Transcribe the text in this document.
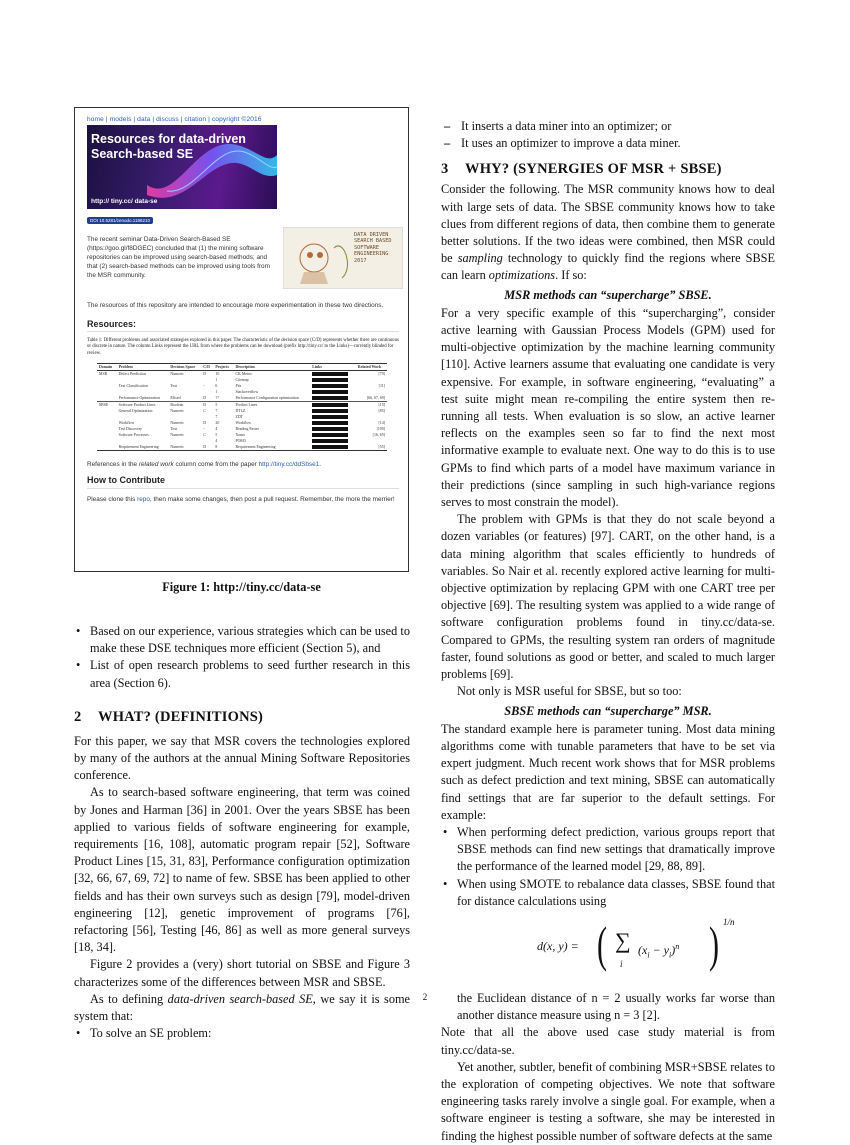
home | models | data | discuss | citation | copyright ©2016
Resources for data-driven
Search-based SE
http:// tiny.cc/ data-se
DOI 10.5281/zenodo.1186210
The recent seminar Data-Driven Search-Based SE (https://goo.gl/f8DGEC) concluded that (1) the mining software repositories can be improved using search-based methods; and that (2) search-based methods can be improved using tools from the MSR community.
DATA DRIVEN SEARCH BASED SOFTWARE ENGINEERING 2017
The resources of this repository are intended to encourage more experimentation in these two directions.
Resources:
Table 1: Different problems and associated strategies explored in this paper. The characteristic of the decision space (C/D) represents whether there are continuous or discrete in nature. The column Links represent the URL from where the problems can be download (prefix http://tiny.cc/ to the Links)—currently blinded for review.
Domain	Problem	Decision Space	C/D	Projects	Description	Links	Related Work
MSR	Defect Prediction	Numeric	D	10	CK Metric		[79]
				1	Citemap		
	Text Classification	Text	-	6	Pits		[11]
				1	Stackoverflow		
	Performance Optimization	Mixed	D	??	Performance Configuration optimization		[66, 67, 69]
SBSE	Software Product Lines	Boolean	D	5	Product Lines		[15]
	General Optimization	Numeric	C	7	DTLZ		[85]
				7	ZDT		
	Workflow	Numeric	D	20	Workflow		[14]
	Test Discovery	Text	-	4	Reading Faster		[100]
	Software Processes	Numeric	C	5	Xomo		[16, 65]
				4	POM3		
	Requirement Engineering	Numeric	D	8	Requirement Engineering		[55]
References in the related work column come from the paper http://tiny.cc/ddSbse1.
How to Contribute
Please clone this repo, then make some changes, then post a pull request. Remember, the more the merrier!
Figure 1: http://tiny.cc/data-se
• Based on our experience, various strategies which can be used to make these DSE techniques more efficient (Section 5), and
• List of open research problems to seed further research in this area (Section 6).
2 WHAT? (DEFINITIONS)

For this paper, we say that MSR covers the technologies explored by many of the authors at the annual Mining Software Repositories conference.

As to search-based software engineering, that term was coined by Jones and Harman [36] in 2001. Over the years SBSE has been applied to various fields of software engineering for example, requirements [16, 108], automatic program repair [52], Software Product Lines [15, 31, 83], Performance configuration optimization [32, 66, 67, 69, 72] to name of few. SBSE has been applied to other fields and has their own surveys such as design [79], model-driven engineering [12], genetic improvement of programs [76], refactoring [56], Testing [46, 86] as well as more general surveys [18, 34].

Figure 2 provides a (very) short tutorial on SBSE and Figure 3 characterizes some of the differences between MSR and SBSE.

As to defining data-driven search-based SE, we say it is some system that:

• To solve an SE problem:
– It inserts a data miner into an optimizer; or
– It uses an optimizer to improve a data miner.
3 WHY? (SYNERGIES OF MSR + SBSE)

Consider the following. The MSR community knows how to deal with large sets of data. The SBSE community knows how to take clues from different regions of data, then combine them to generate better solutions. If the two ideas were combined, then MSR could be sampling technology to quickly find the regions where SBSE can learn optimizations. If so:

MSR methods can “supercharge” SBSE.

For a very specific example of this “supercharging”, consider active learning with Gaussian Process Models (GPM) used for multi-objective optimization by the machine learning community [110]. Active learners assume that evaluating one candidate is very expensive. For example, in software engineering, “evaluating” a test suite might mean re-compiling the entire system then re-running all tests. When evaluation is so slow, an active learner reflects on the examples seen so far to find the next most informative example to evaluate next. One way to do this is to use GPMs to find which parts of a model have maximum variance in their predictions (since sampling in such high-variance regions serves to most constrain the model).

The problem with GPMs is that they do not scale beyond a dozen variables (or features) [97]. CART, on the other hand, is a data mining algorithm that scales efficiently to hundreds of variables. So Nair et al. recently explored active learning for multi-objective optimization by replacing GPM with one CART tree per objective [69]. The resulting system was applied to a wide range of software configuration problems found in tiny.cc/data-se. Compared to GPMs, the resulting system ran orders of magnitude faster, found solutions as good or better, and scaled to much larger problems [69].

Not only is MSR useful for SBSE, but so too:

SBSE methods can “supercharge” MSR.

The standard example here is parameter tuning. Most data mining algorithms come with tunable parameters that have to be set via expert judgment. Much recent work shows that for MSR problems such as defect prediction and text mining, SBSE can automatically find settings that are far superior to the default settings. For example:

• When performing defect prediction, various groups report that SBSE methods can find new settings that dramatically improve the performance of the learned model [29, 88, 89].
• When using SMOTE to rebalance data classes, SBSE found that for distance calculations using
d(x, y) = ( ∑
i
$(x_i - y_i)^n$ ) 1/n
the Euclidean distance of n = 2 usually works far worse than another distance measure using n = 3 [2].

Note that all the above used case study material is from tiny.cc/data-se.

Yet another, subtler, benefit of combining MSR+SBSE relates to the exploration of competing objectives. We note that software engineering tasks rarely involve a single goal. For example, when a software engineer is testing a software, she may be interested in finding the highest possible number of software defects at the same

2
